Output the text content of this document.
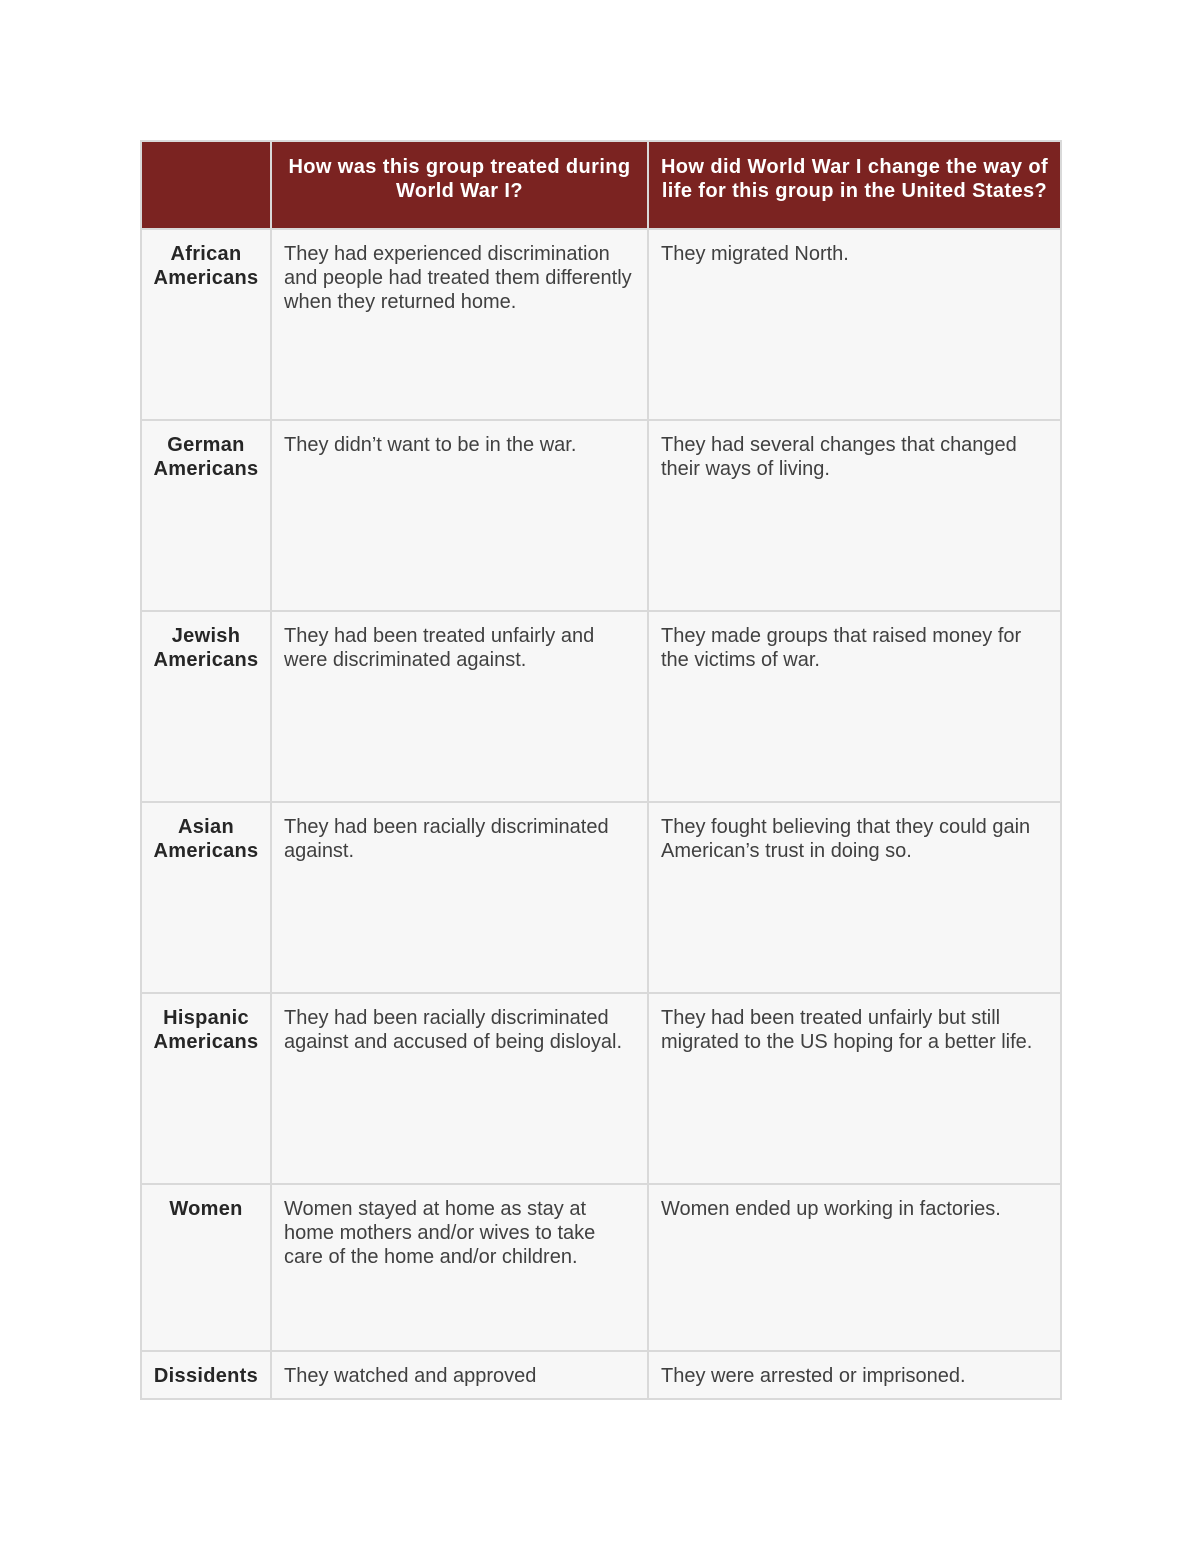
	How was this group treated during World War I?	How did World War I change the way of life for this group in the United States?

African Americans	They had experienced discrimination and people had treated them differently when they returned home.	They migrated North.
German Americans	They didn’t want to be in the war.	They had several changes that changed their ways of living.
Jewish Americans	They had been treated unfairly and were discriminated against.	They made groups that raised money for the victims of war.
Asian Americans	They had been racially discriminated against.	They fought believing that they could gain American’s trust in doing so.
Hispanic Americans	They had been racially discriminated against and accused of being disloyal.	They had been treated unfairly but still migrated to the US hoping for a better life.
Women	Women stayed at home as stay at home mothers and/or wives to take care of the home and/or children.	Women ended up working in factories.
Dissidents	They watched and approved	They were arrested or imprisoned.
